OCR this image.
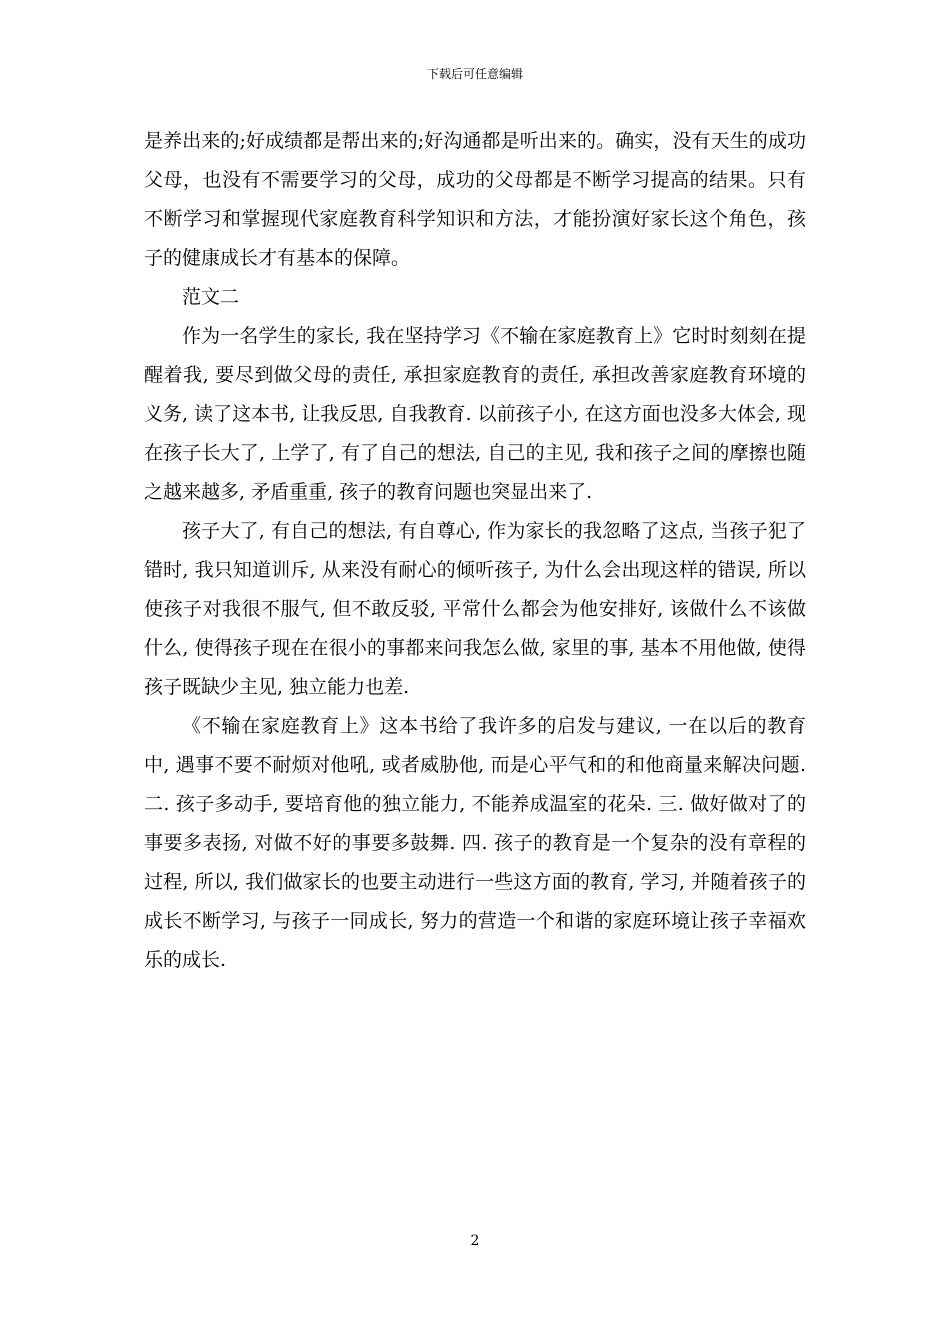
下载后可任意编辑

是养出来的;好成绩都是帮出来的;好沟通都是听出来的。确实，没有天生的成功父母，也没有不需要学习的父母，成功的父母都是不断学习提高的结果。只有不断学习和掌握现代家庭教育科学知识和方法，才能扮演好家长这个角色，孩子的健康成长才有基本的保障。

范文二

作为一名学生的家长, 我在坚持学习《不输在家庭教育上》它时时刻刻在提醒着我, 要尽到做父母的责任, 承担家庭教育的责任, 承担改善家庭教育环境的义务, 读了这本书, 让我反思, 自我教育. 以前孩子小, 在这方面也没多大体会, 现在孩子长大了, 上学了, 有了自己的想法, 自己的主见, 我和孩子之间的摩擦也随之越来越多, 矛盾重重, 孩子的教育问题也突显出来了.

孩子大了, 有自己的想法, 有自尊心, 作为家长的我忽略了这点, 当孩子犯了错时, 我只知道训斥, 从来没有耐心的倾听孩子, 为什么会出现这样的错误, 所以使孩子对我很不服气, 但不敢反驳, 平常什么都会为他安排好, 该做什么不该做什么, 使得孩子现在在很小的事都来问我怎么做, 家里的事, 基本不用他做, 使得孩子既缺少主见, 独立能力也差.

《不输在家庭教育上》这本书给了我许多的启发与建议, 一在以后的教育中, 遇事不要不耐烦对他吼, 或者威胁他, 而是心平气和的和他商量来解决问题. 二. 孩子多动手, 要培育他的独立能力, 不能养成温室的花朵. 三. 做好做对了的事要多表扬, 对做不好的事要多鼓舞. 四. 孩子的教育是一个复杂的没有章程的过程, 所以, 我们做家长的也要主动进行一些这方面的教育, 学习, 并随着孩子的成长不断学习, 与孩子一同成长, 努力的营造一个和谐的家庭环境让孩子幸福欢乐的成长.

2
